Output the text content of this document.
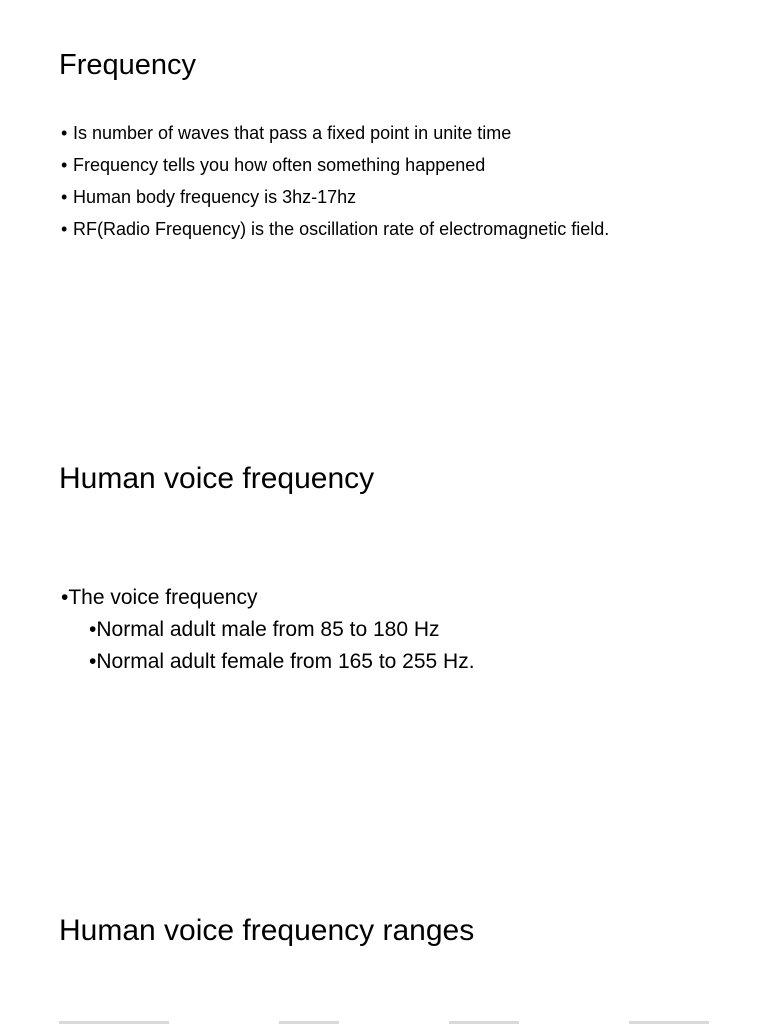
Frequency
• Is number of waves that pass a fixed point in unite time
• Frequency tells you how often something happened
• Human body frequency is 3hz-17hz
• RF(Radio Frequency) is the oscillation rate of electromagnetic field.
Human voice frequency
•The voice frequency
•Normal adult male from 85 to 180 Hz
•Normal adult female from 165 to 255 Hz.
Human voice frequency ranges
